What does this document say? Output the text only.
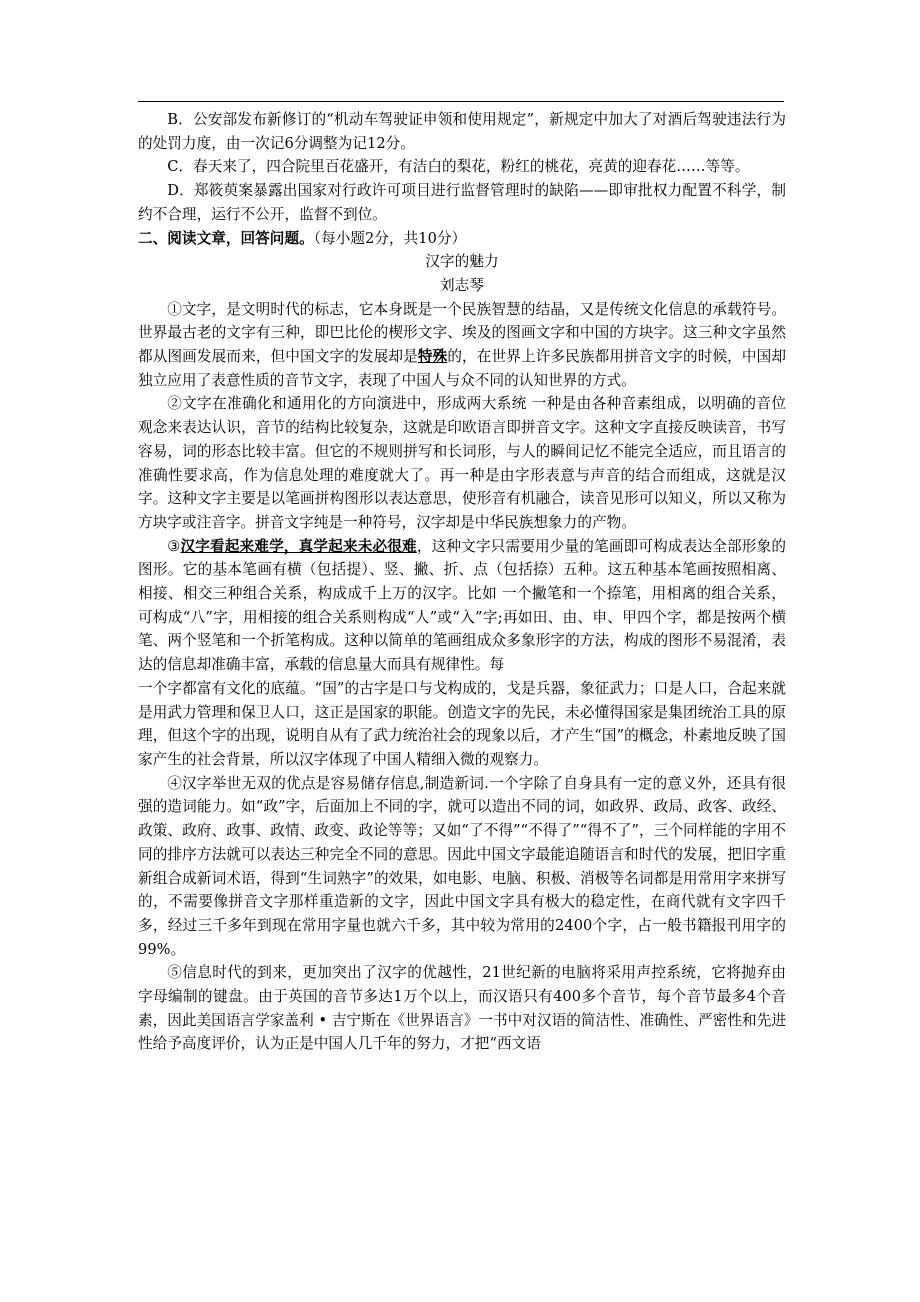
B．公安部发布新修订的“机动车驾驶证申领和使用规定”，新规定中加大了对酒后驾驶违法行为的处罚力度，由一次记6分调整为记12分。

C．春天来了，四合院里百花盛开，有洁白的梨花，粉红的桃花，亮黄的迎春花……等等。

D．郑筱萸案暴露出国家对行政许可项目进行监督管理时的缺陷——即审批权力配置不科学，制约不合理，运行不公开，监督不到位。

二、阅读文章，回答问题。（每小题2分，共10分）

汉字的魅力

刘志琴

①文字，是文明时代的标志，它本身既是一个民族智慧的结晶，又是传统文化信息的承载符号。世界最古老的文字有三种，即巴比伦的楔形文字、埃及的图画文字和中国的方块字。这三种文字虽然都从图画发展而来，但中国文字的发展却是特殊的，在世界上许多民族都用拼音文字的时候，中国却独立应用了表意性质的音节文字，表现了中国人与众不同的认知世界的方式。

②文字在准确化和通用化的方向演进中，形成两大系统 一种是由各种音素组成，以明确的音位观念来表达认识，音节的结构比较复杂，这就是印欧语言即拼音文字。这种文字直接反映读音，书写容易，词的形态比较丰富。但它的不规则拼写和长词形，与人的瞬间记忆不能完全适应，而且语言的准确性要求高，作为信息处理的难度就大了。再一种是由字形表意与声音的结合而组成，这就是汉字。这种文字主要是以笔画拼构图形以表达意思，使形音有机融合，读音见形可以知义，所以又称为方块字或注音字。拼音文字纯是一种符号，汉字却是中华民族想象力的产物。

③汉字看起来难学，真学起来未必很难，这种文字只需要用少量的笔画即可构成表达全部形象的图形。它的基本笔画有横（包括提）、竖、撇、折、点（包括捺）五种。这五种基本笔画按照相离、相接、相交三种组合关系，构成成千上万的汉字。比如 一个撇笔和一个捺笔，用相离的组合关系，可构成“八”字，用相接的组合关系则构成“人”或“入”字;再如田、由、申、甲四个字，都是按两个横笔、两个竖笔和一个折笔构成。这种以简单的笔画组成众多象形字的方法，构成的图形不易混淆，表达的信息却准确丰富，承载的信息量大而具有规律性。每

一个字都富有文化的底蕴。“国”的古字是口与戈构成的，戈是兵器，象征武力；口是人口，合起来就是用武力管理和保卫人口，这正是国家的职能。创造文字的先民，未必懂得国家是集团统治工具的原理，但这个字的出现，说明自从有了武力统治社会的现象以后，才产生“国”的概念，朴素地反映了国家产生的社会背景，所以汉字体现了中国人精细入微的观察力。

④汉字举世无双的优点是容易储存信息,制造新词.一个字除了自身具有一定的意义外，还具有很强的造词能力。如“政”字，后面加上不同的字，就可以造出不同的词，如政界、政局、政客、政经、政策、政府、政事、政情、政变、政论等等；又如“了不得”“不得了”“得不了”，三个同样能的字用不同的排序方法就可以表达三种完全不同的意思。因此中国文字最能追随语言和时代的发展，把旧字重新组合成新词术语，得到“生词熟字”的效果，如电影、电脑、积极、消极等名词都是用常用字来拼写的，不需要像拼音文字那样重造新的文字，因此中国文字具有极大的稳定性，在商代就有文字四千多，经过三千多年到现在常用字量也就六千多，其中较为常用的2400个字，占一般书籍报刊用字的99%。

⑤信息时代的到来，更加突出了汉字的优越性，21世纪新的电脑将采用声控系统，它将抛弃由字母编制的键盘。由于英国的音节多达1万个以上，而汉语只有400多个音节，每个音节最多4个音素，因此美国语言学家盖利 • 吉宁斯在《世界语言》一书中对汉语的简洁性、准确性、严密性和先进性给予高度评价，认为正是中国人几千年的努力，才把“西文语
